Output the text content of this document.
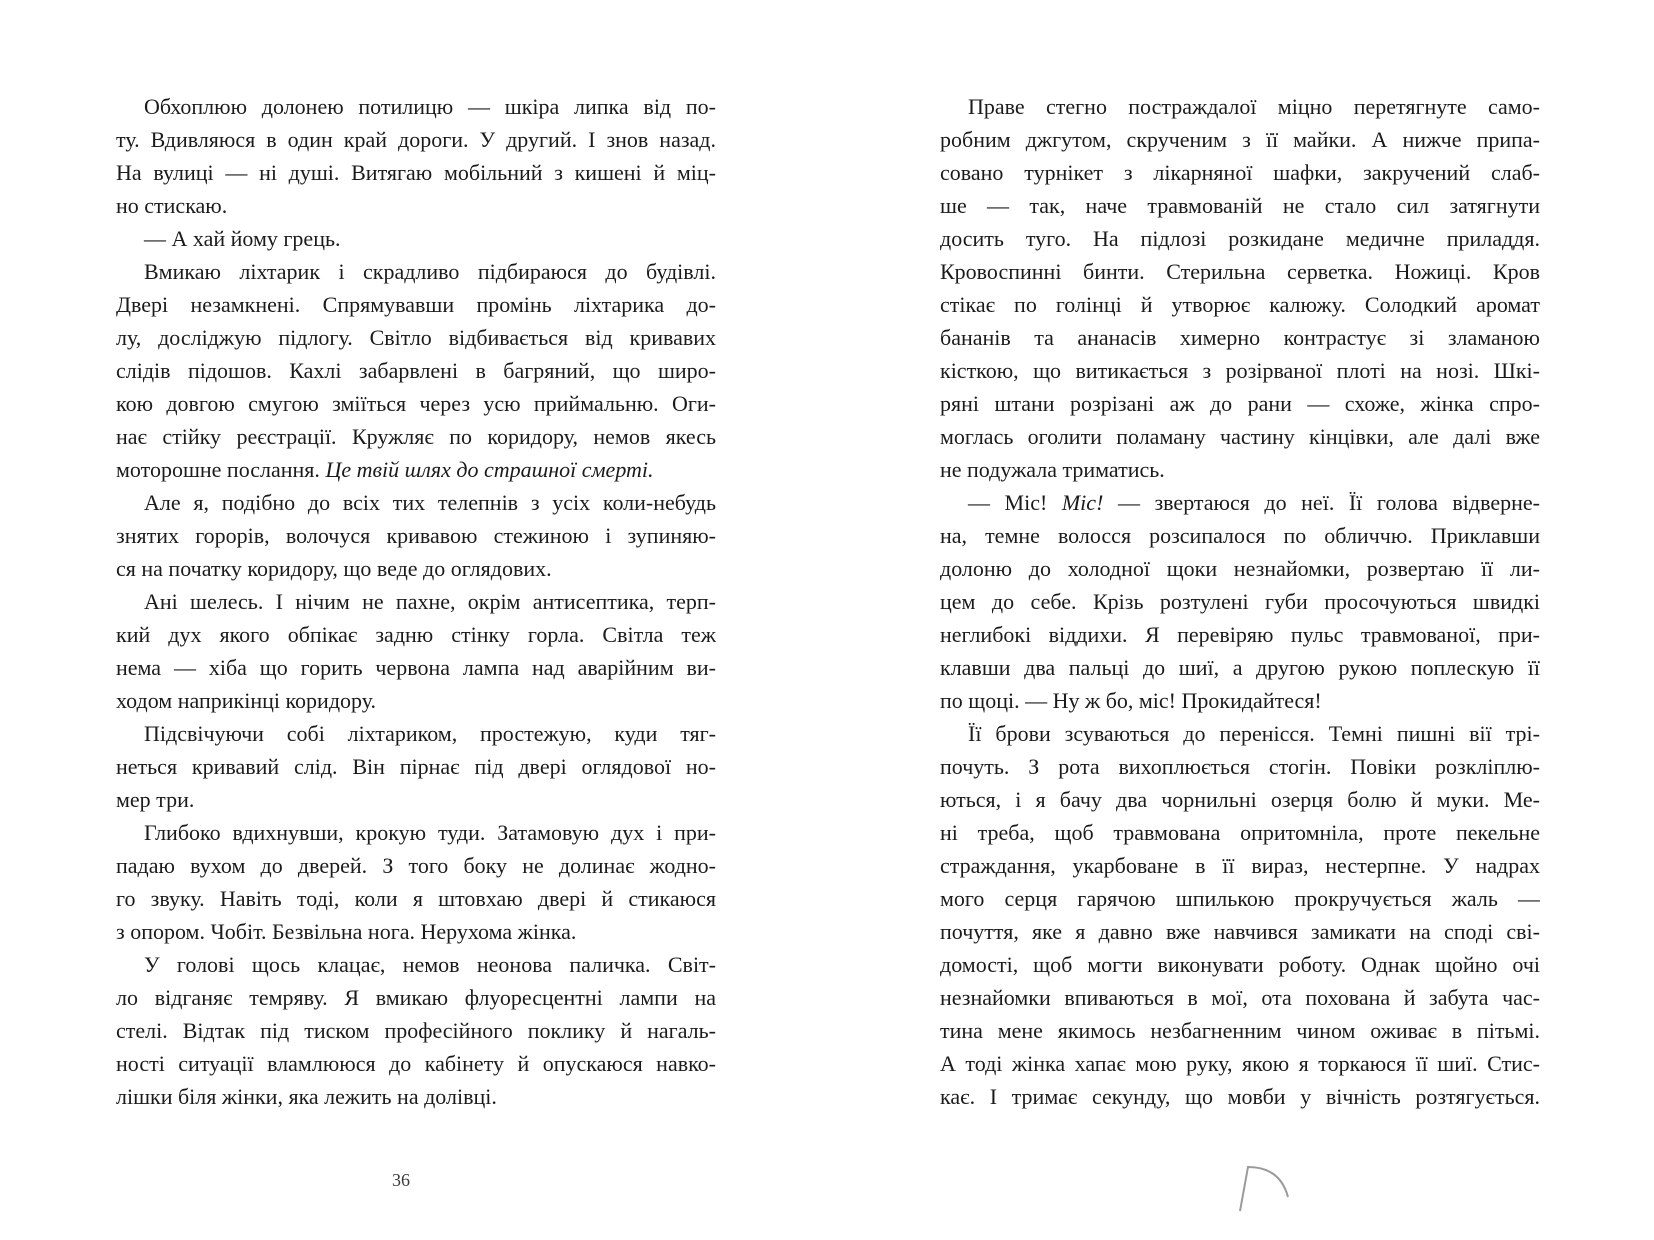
Обхоплюю долонею потилицю — шкіра липка від по-
ту. Вдивляюся в один край дороги. У другий. І знов назад.
На вулиці — ні душі. Витягаю мобільний з кишені й міц-
но стискаю.
— А хай йому грець.
Вмикаю ліхтарик і скрадливо підбираюся до будівлі.
Двері незамкнені. Спрямувавши промінь ліхтарика до-
лу, досліджую підлогу. Світло відбивається від кривавих
слідів підошов. Кахлі забарвлені в багряний, що широ-
кою довгою смугою зміїться через усю приймальню. Оги-
нає стійку реєстрації. Кружляє по коридору, немов якесь
моторошне послання. Це твій шлях до страшної смерті.
Але я, подібно до всіх тих телепнів з усіх коли-небудь
знятих горорів, волочуся кривавою стежиною і зупиняю-
ся на початку коридору, що веде до оглядових.
Ані шелесь. І нічим не пахне, окрім антисептика, терп-
кий дух якого обпікає задню стінку горла. Світла теж
нема — хіба що горить червона лампа над аварійним ви-
ходом наприкінці коридору.
Підсвічуючи собі ліхтариком, простежую, куди тяг-
неться кривавий слід. Він пірнає під двері оглядової но-
мер три.
Глибоко вдихнувши, крокую туди. Затамовую дух і при-
падаю вухом до дверей. З того боку не долинає жодно-
го звуку. Навіть тоді, коли я штовхаю двері й стикаюся
з опором. Чобіт. Безвільна нога. Нерухома жінка.
У голові щось клацає, немов неонова паличка. Світ-
ло відганяє темряву. Я вмикаю флуоресцентні лампи на
стелі. Відтак під тиском професійного поклику й нагаль-
ності ситуації вламлююся до кабінету й опускаюся навко-
лішки біля жінки, яка лежить на долівці.
Праве стегно постраждалої міцно перетягнуте само-
робним джгутом, скрученим з її майки. А нижче припа-
совано турнікет з лікарняної шафки, закручений слаб-
ше — так, наче травмованій не стало сил затягнути
досить туго. На підлозі розкидане медичне приладдя.
Кровоспинні бинти. Стерильна серветка. Ножиці. Кров
стікає по голінці й утворює калюжу. Солодкий аромат
бананів та ананасів химерно контрастує зі зламаною
кісткою, що витикається з розірваної плоті на нозі. Шкі-
ряні штани розрізані аж до рани — схоже, жінка спро-
моглась оголити поламану частину кінцівки, але далі вже
не подужала триматись.
— Міс! Міс! — звертаюся до неї. Її голова відверне-
на, темне волосся розсипалося по обличчю. Приклавши
долоню до холодної щоки незнайомки, розвертаю її ли-
цем до себе. Крізь розтулені губи просочуються швидкі
неглибокі віддихи. Я перевіряю пульс травмованої, при-
клавши два пальці до шиї, а другою рукою поплескую її
по щоці. — Ну ж бо, міс! Прокидайтеся!
Її брови зсуваються до перенісся. Темні пишні вії трі-
почуть. З рота вихоплюється стогін. Повіки розкліплю-
ються, і я бачу два чорнильні озерця болю й муки. Ме-
ні треба, щоб травмована опритомніла, проте пекельне
страждання, укарбоване в її вираз, нестерпне. У надрах
мого серця гарячою шпилькою прокручується жаль —
почуття, яке я давно вже навчився замикати на споді сві-
домості, щоб могти виконувати роботу. Однак щойно очі
незнайомки впиваються в мої, ота похована й забута час-
тина мене якимось незбагненним чином оживає в пітьмі.
А тоді жінка хапає мою руку, якою я торкаюся її шиї. Стис-
кає. І тримає секунду, що мовби у вічність розтягується.
36
